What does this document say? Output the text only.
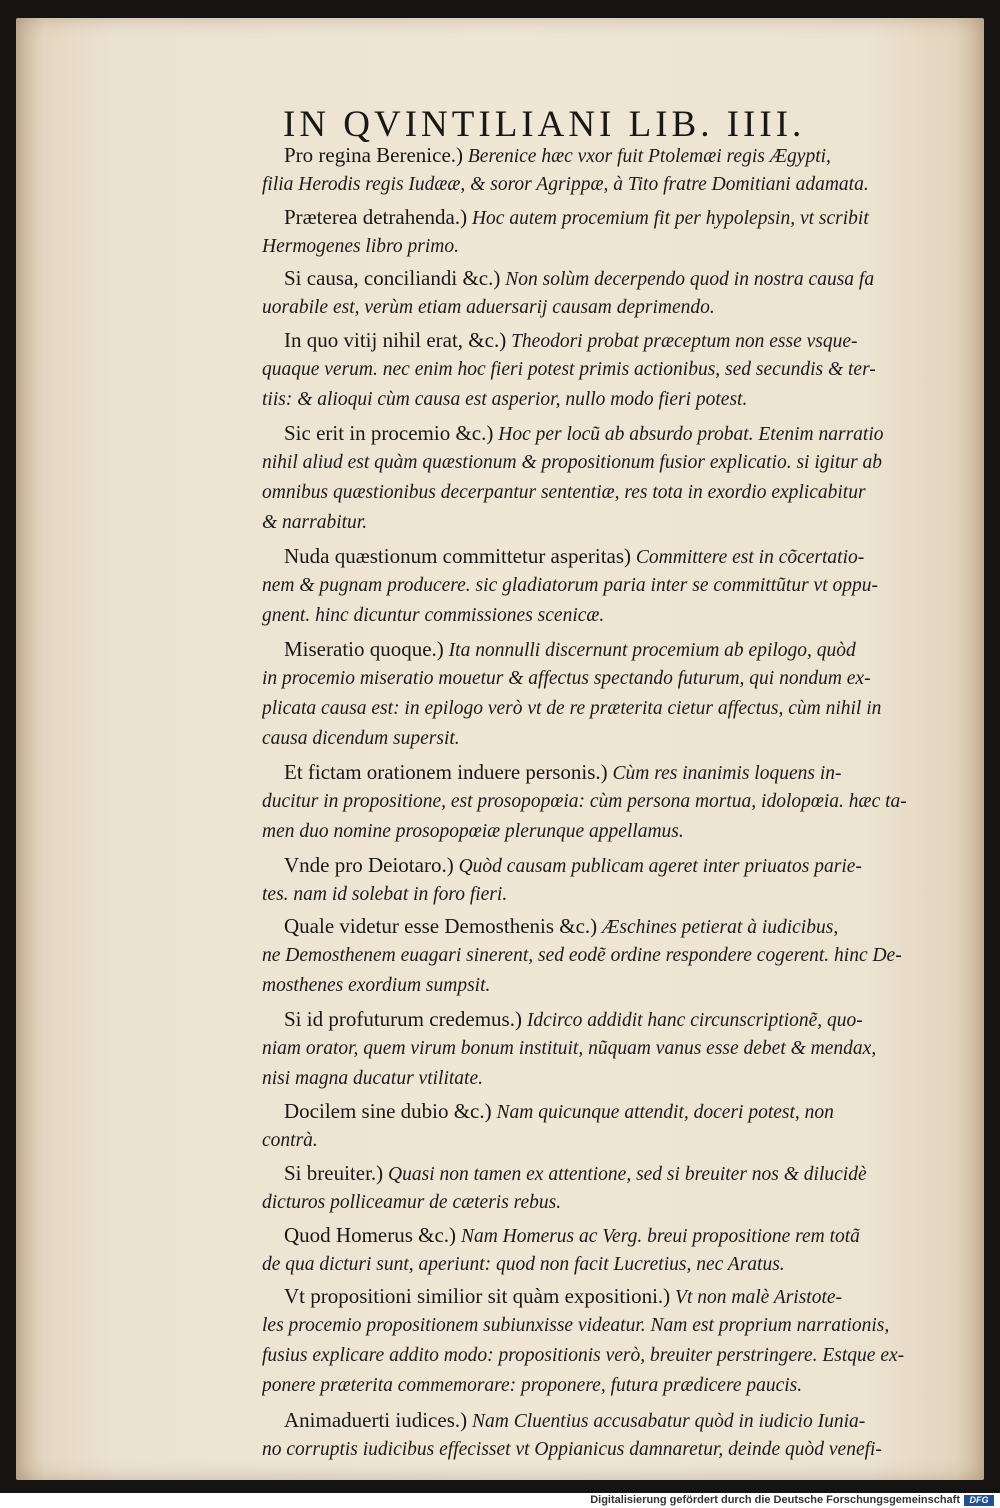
IN QVINTILIANI LIB. IIII.
Pro regina Berenice.) Berenice hæc vxor fuit Ptolemæi regis Ægypti,
filia Herodis regis Iudææ, & soror Agrippæ, à Tito fratre Domitiani adamata.
Præterea detrahenda.) Hoc autem procemium fit per hypolepsin, vt scribit
Hermogenes libro primo.
Si causa, conciliandi &c.) Non solùm decerpendo quod in nostra causa fa
uorabile est, verùm etiam aduersarij causam deprimendo.
In quo vitij nihil erat, &c.) Theodori probat præceptum non esse vsque-
quaque verum. nec enim hoc fieri potest primis actionibus, sed secundis & ter-
tiis: & alioqui cùm causa est asperior, nullo modo fieri potest.
Sic erit in procemio &c.) Hoc per locũ ab absurdo probat. Etenim narratio
nihil aliud est quàm quæstionum & propositionum fusior explicatio. si igitur ab
omnibus quæstionibus decerpantur sententiæ, res tota in exordio explicabitur
& narrabitur.
Nuda quæstionum committetur asperitas) Committere est in cõcertatio-
nem & pugnam producere. sic gladiatorum paria inter se committũtur vt oppu-
gnent. hinc dicuntur commissiones scenicæ.
Miseratio quoque.) Ita nonnulli discernunt procemium ab epilogo, quòd
in procemio miseratio mouetur & affectus spectando futurum, qui nondum ex-
plicata causa est: in epilogo verò vt de re præterita cietur affectus, cùm nihil in
causa dicendum supersit.
Et fictam orationem induere personis.) Cùm res inanimis loquens in-
ducitur in propositione, est prosopopœia: cùm persona mortua, idolopœia. hæc ta-
men duo nomine prosopopœiæ plerunque appellamus.
Vnde pro Deiotaro.) Quòd causam publicam ageret inter priuatos parie-
tes. nam id solebat in foro fieri.
Quale videtur esse Demosthenis &c.) Æschines petierat à iudicibus,
ne Demosthenem euagari sinerent, sed eodẽ ordine respondere cogerent. hinc De-
mosthenes exordium sumpsit.
Si id profuturum credemus.) Idcirco addidit hanc circunscriptionẽ, quo-
niam orator, quem virum bonum instituit, nũquam vanus esse debet & mendax,
nisi magna ducatur vtilitate.
Docilem sine dubio &c.) Nam quicunque attendit, doceri potest, non
contrà.
Si breuiter.) Quasi non tamen ex attentione, sed si breuiter nos & dilucidè
dicturos polliceamur de cæteris rebus.
Quod Homerus &c.) Nam Homerus ac Verg. breui propositione rem totã
de qua dicturi sunt, aperiunt: quod non facit Lucretius, nec Aratus.
Vt propositioni similior sit quàm expositioni.) Vt non malè Aristote-
les procemio propositionem subiunxisse videatur. Nam est proprium narrationis,
fusius explicare addito modo: propositionis verò, breuiter perstringere. Estque ex-
ponere præterita commemorare: proponere, futura prædicere paucis.
Animaduerti iudices.) Nam Cluentius accusabatur quòd in iudicio Iunia-
no corruptis iudicibus effecisset vt Oppianicus damnaretur, deinde quòd venefi-
Digitalisierung gefördert durch die Deutsche Forschungsgemeinschaft	DFG
